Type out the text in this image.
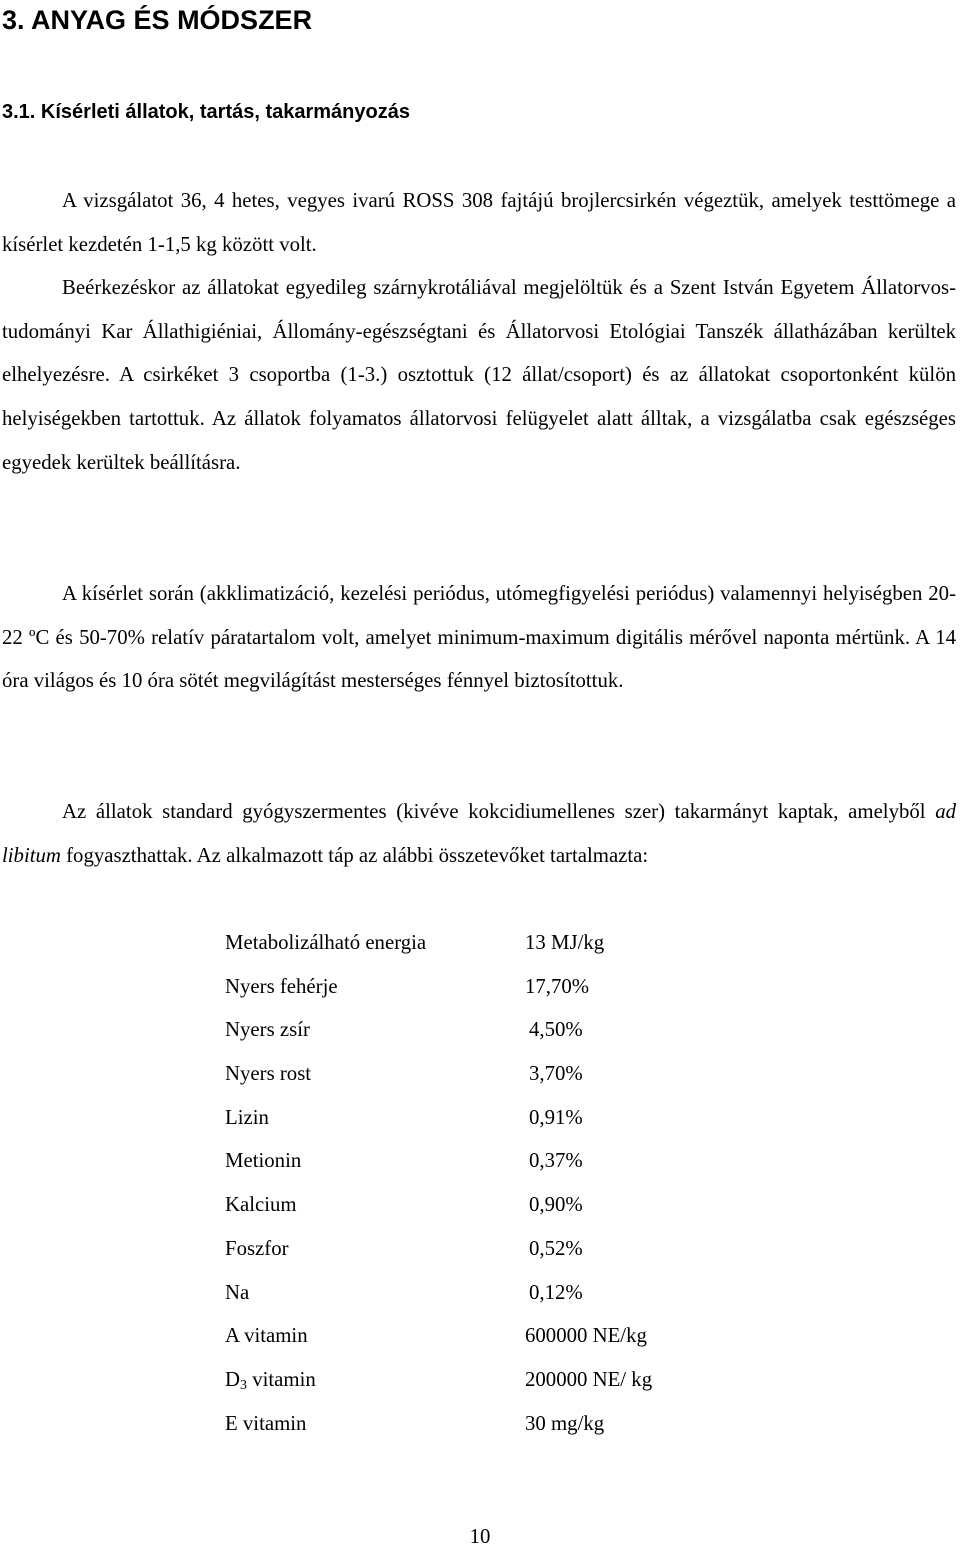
3. ANYAG ÉS MÓDSZER
3.1. Kísérleti állatok, tartás, takarmányozás
A vizsgálatot 36, 4 hetes, vegyes ivarú ROSS 308 fajtájú brojlercsirkén végeztük, amelyek testtömege a kísérlet kezdetén 1-1,5 kg között volt.
Beérkezéskor az állatokat egyedileg szárnykrotáliával megjelöltük és a Szent István Egyetem Állatorvos-tudományi Kar Állathigiéniai, Állomány-egészségtani és Állatorvosi Etológiai Tanszék állatházában kerültek elhelyezésre. A csirkéket 3 csoportba (1-3.) osztottuk (12 állat/csoport) és az állatokat csoportonként külön helyiségekben tartottuk. Az állatok folyamatos állatorvosi felügyelet alatt álltak, a vizsgálatba csak egészséges egyedek kerültek beállításra.
A kísérlet során (akklimatizáció, kezelési periódus, utómegfigyelési periódus) valamennyi helyiségben 20-22 ºC és 50-70% relatív páratartalom volt, amelyet minimum-maximum digitális mérővel naponta mértünk. A 14 óra világos és 10 óra sötét megvilágítást mesterséges fénnyel biztosítottuk.
Az állatok standard gyógyszermentes (kivéve kokcidiumellenes szer) takarmányt kaptak, amelyből ad libitum fogyaszthattak. Az alkalmazott táp az alábbi összetevőket tartalmazta:
Metabolizálható energia	13 MJ/kg
Nyers fehérje	17,70%
Nyers zsír	4,50%
Nyers rost	3,70%
Lizin	0,91%
Metionin	0,37%
Kalcium	0,90%
Foszfor	0,52%
Na	0,12%
A vitamin	600000 NE/kg
$D_3$ vitamin	200000 NE/ kg
E vitamin	30 mg/kg
10
